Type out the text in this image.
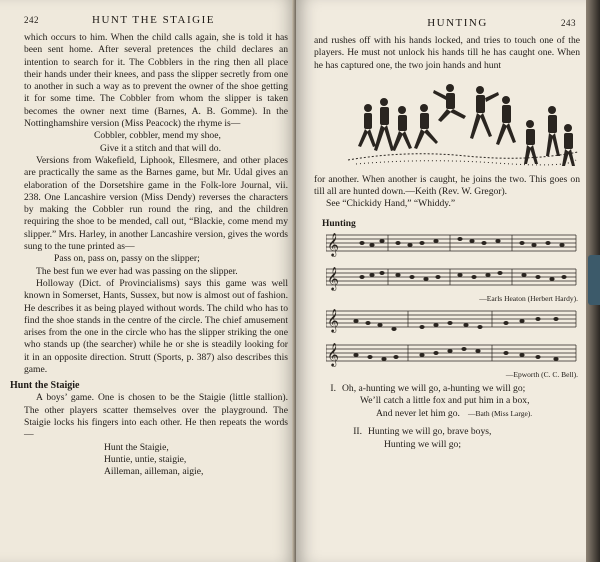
242	HUNT THE STAIGIE

which occurs to him. When the child calls again, she is told it has been sent home. After several pretences the child declares an intention to search for it. The Cobblers in the ring then all place their hands under their knees, and pass the slipper secretly from one to another in such a way as to prevent the owner of the shoe getting it for some time. The Cobbler from whom the slipper is taken becomes the owner next time (Barnes, A. B. Gomme). In the Nottinghamshire version (Miss Peacock) the rhyme is—

Cobbler, cobbler, mend my shoe,
Give it a stitch and that will do.

Versions from Wakefield, Liphook, Ellesmere, and other places are practically the same as the Barnes game, but Mr. Udal gives an elaboration of the Dorsetshire game in the Folk-lore Journal, vii. 238. One Lancashire version (Miss Dendy) reverses the characters by making the Cobbler run round the ring, and the children requiring the shoe to be mended, call out, “Blackie, come mend my slipper.” Mrs. Harley, in another Lancashire version, gives the words sung to the tune printed as—

Pass on, pass on, passy on the slipper;

The best fun we ever had was passing on the slipper.

Holloway (Dict. of Provincialisms) says this game was well known in Somerset, Hants, Sussex, but now is almost out of fashion. He describes it as being played without words. The child who has to find the shoe stands in the centre of the circle. The chief amusement arises from the one in the circle who has the slipper striking the one who stands up (the searcher) while he or she is steadily looking for it in an opposite direction. Strutt (Sports, p. 387) also describes this game.

Hunt the Staigie

A boys’ game. One is chosen to be the Staigie (little stallion). The other players scatter themselves over the playground. The Staigie locks his fingers into each other. He then repeats the words—

Hunt the Staigie,
Huntie, untie, staigie,
Ailleman, ailleman, aigie,
HUNTING	243

and rushes off with his hands locked, and tries to touch one of the players. He must not unlock his hands till he has caught one. When he has captured one, the two join hands and hunt

for another. When another is caught, he joins the two. This goes on till all are hunted down.—Keith (Rev. W. Gregor).

See “Chickidy Hand,” “Whiddy.”

Hunting
𝄞
𝄞
—Earls Heaton (Herbert Hardy).
𝄞
𝄞
—Epworth (C. C. Bell).
I. Oh, a-hunting we will go, a-hunting we will go;
We’ll catch a little fox and put him in a box,
And never let him go. —Bath (Miss Large).
II. Hunting we will go, brave boys,
Hunting we will go;
